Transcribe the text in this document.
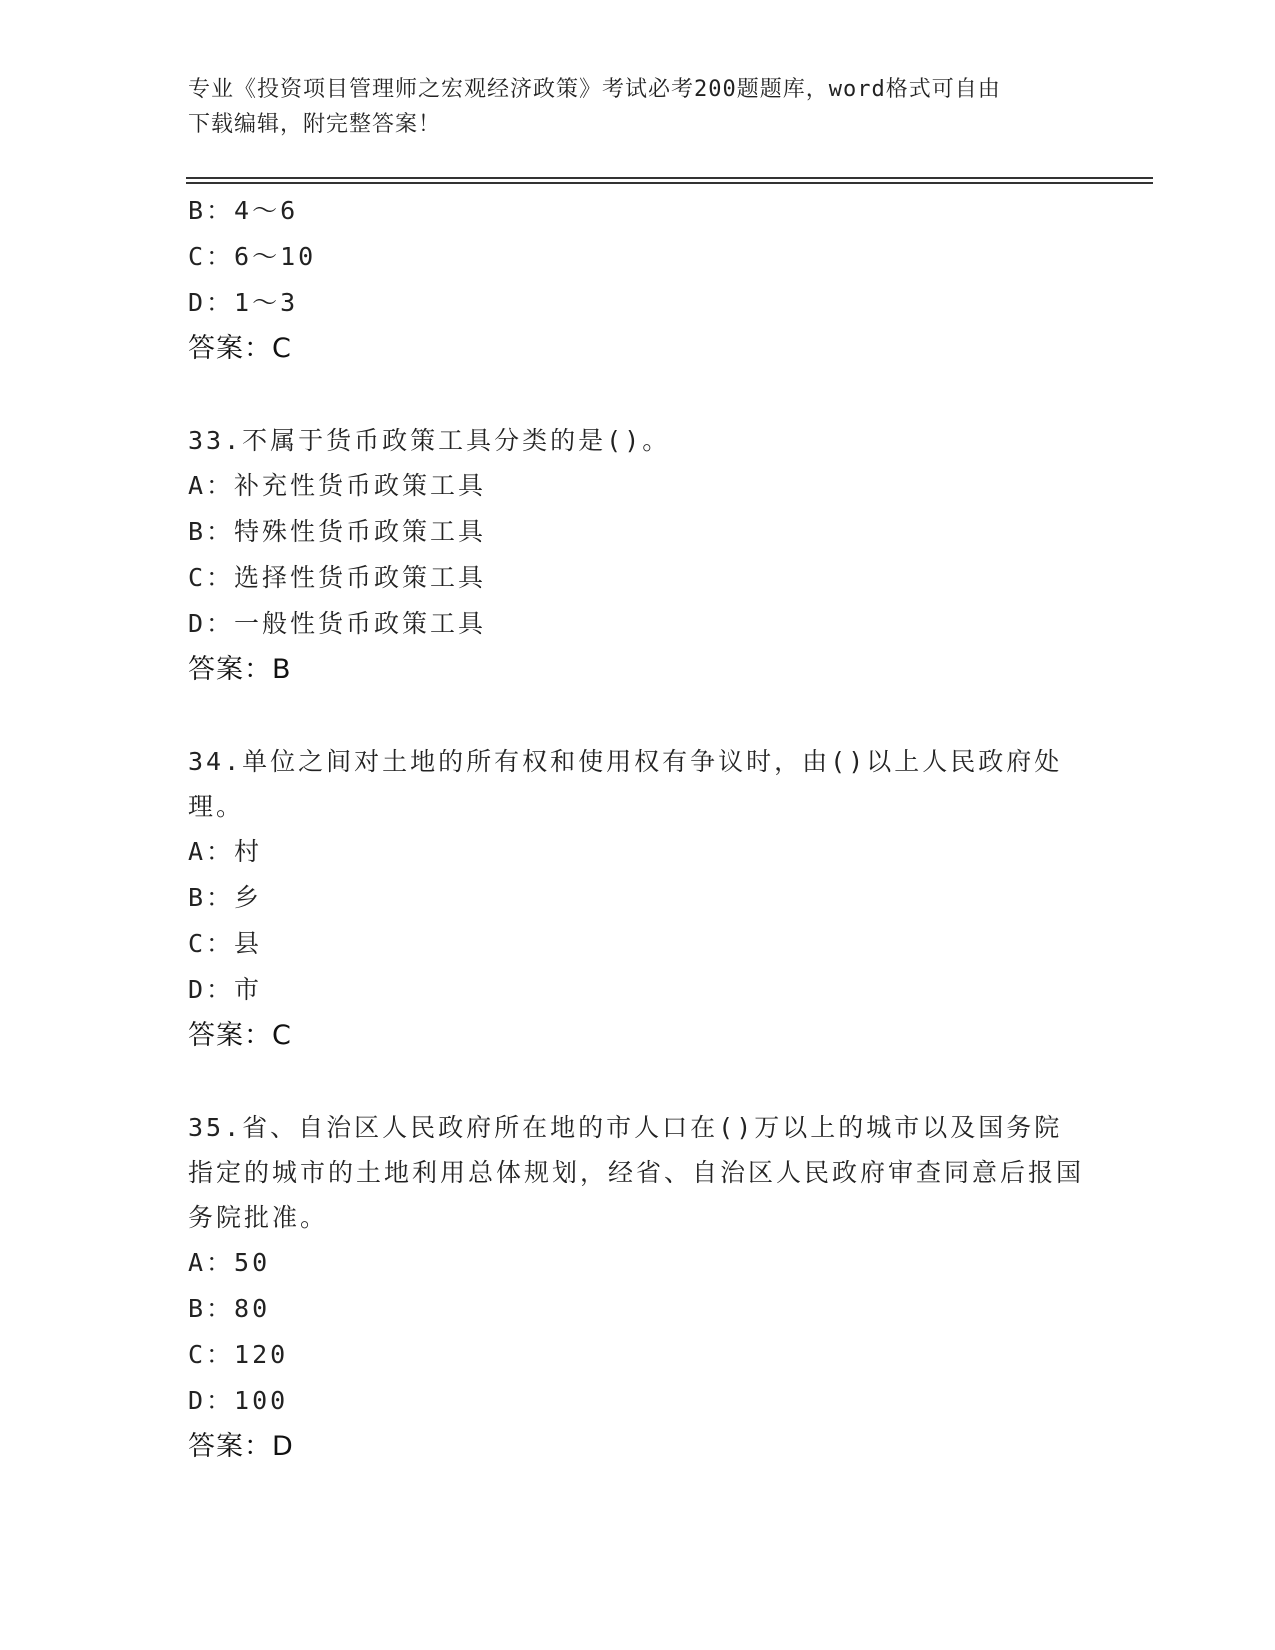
专业《投资项目管理师之宏观经济政策》考试必考200题题库，word格式可自由
下载编辑，附完整答案！
B：4～6
C：6～10
D：1～3
答案：C
33.不属于货币政策工具分类的是()。
A：补充性货币政策工具
B：特殊性货币政策工具
C：选择性货币政策工具
D：一般性货币政策工具
答案：B
34.单位之间对土地的所有权和使用权有争议时，由()以上人民政府处理。
A：村
B：乡
C：县
D：市
答案：C
35.省、自治区人民政府所在地的市人口在()万以上的城市以及国务院指定的城市的土地利用总体规划，经省、自治区人民政府审查同意后报国务院批准。
A：50
B：80
C：120
D：100
答案：D
